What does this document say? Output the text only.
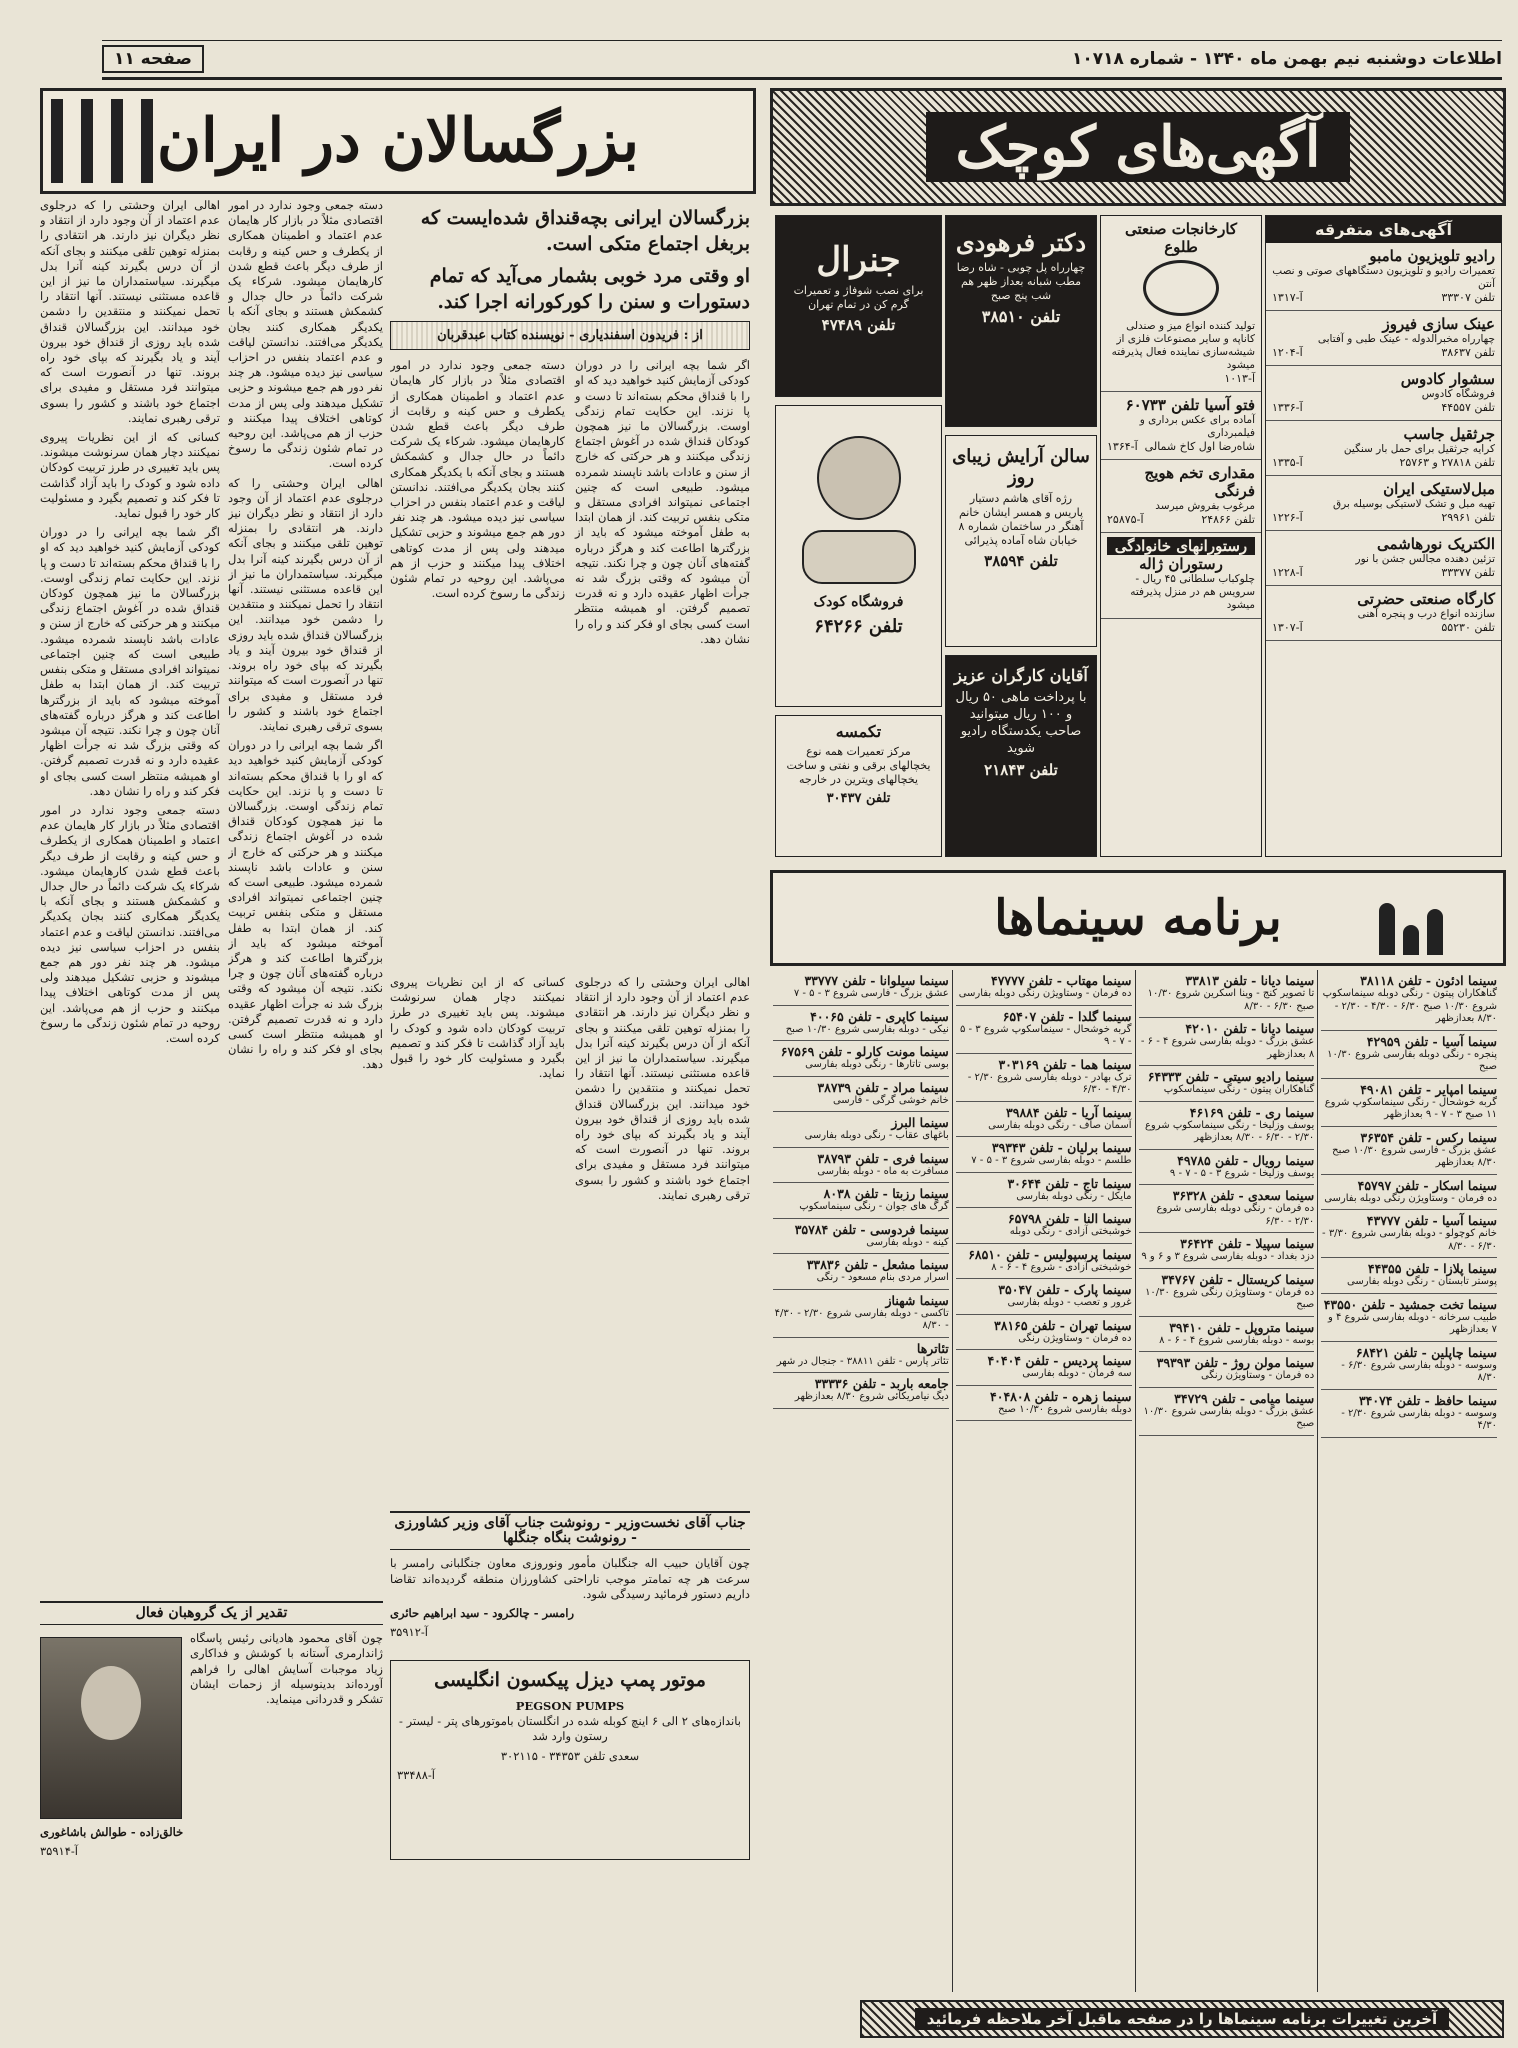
اطلاعات دوشنبه نیم بهمن ماه ۱۳۴۰ - شماره ۱۰۷۱۸
صفحه ۱۱
بزرگسالان در ایران	آگهی‌های کوچک
بزرگسالان ایرانی بچه‌قنداق شده‌ایست که بربغل اجتماع متکی است.
او وقتی مرد خوبی بشمار می‌آید که تمام دستورات و سنن را کورکورانه اجرا کند.
از : فریدون اسفندیاری - نویسنده کتاب عبدقربان

اگر شما بچه ایرانی را در دوران کودکی آزمایش کنید خواهید دید که او را با قنداق محکم بسته‌اند تا دست و پا نزند. این حکایت تمام زندگی اوست. بزرگسالان ما نیز همچون کودکان قنداق شده در آغوش اجتماع زندگی میکنند و هر حرکتی که خارج از سنن و عادات باشد ناپسند شمرده میشود. طبیعی است که چنین اجتماعی نمیتواند افرادی مستقل و متکی بنفس تربیت کند. از همان ابتدا به طفل آموخته میشود که باید از بزرگترها اطاعت کند و هرگز درباره گفته‌های آنان چون و چرا نکند. نتیجه آن میشود که وقتی بزرگ شد نه جرأت اظهار عقیده دارد و نه قدرت تصمیم گرفتن. او همیشه منتظر است کسی بجای او فکر کند و راه را نشان دهد.

دسته جمعی وجود ندارد در امور اقتصادی مثلاً در بازار کار هایمان عدم اعتماد و اطمینان همکاری از یکطرف و حس کینه و رقابت از طرف دیگر باعث قطع شدن کارهایمان میشود. شرکاء یک شرکت دائماً در حال جدال و کشمکش هستند و بجای آنکه با یکدیگر همکاری کنند بجان یکدیگر می‌افتند. ندانستن لیاقت و عدم اعتماد بنفس در احزاب سیاسی نیز دیده میشود. هر چند نفر دور هم جمع میشوند و حزبی تشکیل میدهند ولی پس از مدت کوتاهی اختلاف پیدا میکنند و حزب از هم می‌پاشد. این روحیه در تمام شئون زندگی ما رسوخ کرده است.

اهالی ایران وحشتی را که درجلوی عدم اعتماد از آن وجود دارد از انتقاد و نظر دیگران نیز دارند. هر انتقادی را بمنزله توهین تلقی میکنند و بجای آنکه از آن درس بگیرند کینه آنرا بدل میگیرند. سیاستمداران ما نیز از این قاعده مستثنی نیستند. آنها انتقاد را تحمل نمیکنند و منتقدین را دشمن خود میدانند. این بزرگسالان قنداق شده باید روزی از قنداق خود بیرون آیند و یاد بگیرند که بپای خود راه بروند. تنها در آنصورت است که میتوانند فرد مستقل و مفیدی برای اجتماع خود باشند و کشور را بسوی ترقی رهبری نمایند.

کسانی که از این نظریات پیروی نمیکنند دچار همان سرنوشت میشوند. پس باید تغییری در طرز تربیت کودکان داده شود و کودک را باید آزاد گذاشت تا فکر کند و تصمیم بگیرد و مسئولیت کار خود را قبول نماید.

اگر شما بچه ایرانی را در دوران کودکی آزمایش کنید خواهید دید که او را با قنداق محکم بسته‌اند تا دست و پا نزند. این حکایت تمام زندگی اوست. بزرگسالان ما نیز همچون کودکان قنداق شده در آغوش اجتماع زندگی میکنند و هر حرکتی که خارج از سنن و عادات باشد ناپسند شمرده میشود. طبیعی است که چنین اجتماعی نمیتواند افرادی مستقل و متکی بنفس تربیت کند. از همان ابتدا به طفل آموخته میشود که باید از بزرگترها اطاعت کند و هرگز درباره گفته‌های آنان چون و چرا نکند. نتیجه آن میشود که وقتی بزرگ شد نه جرأت اظهار عقیده دارد و نه قدرت تصمیم گرفتن. او همیشه منتظر است کسی بجای او فکر کند و راه را نشان دهد.

دسته جمعی وجود ندارد در امور اقتصادی مثلاً در بازار کار هایمان عدم اعتماد و اطمینان همکاری از یکطرف و حس کینه و رقابت از طرف دیگر باعث قطع شدن کارهایمان میشود. شرکاء یک شرکت دائماً در حال جدال و کشمکش هستند و بجای آنکه با یکدیگر همکاری کنند بجان یکدیگر می‌افتند. ندانستن لیاقت و عدم اعتماد بنفس در احزاب سیاسی نیز دیده میشود. هر چند نفر دور هم جمع میشوند و حزبی تشکیل میدهند ولی پس از مدت کوتاهی اختلاف پیدا میکنند و حزب از هم می‌پاشد. این روحیه در تمام شئون زندگی ما رسوخ کرده است.

دسته جمعی وجود ندارد در امور اقتصادی مثلاً در بازار کار هایمان عدم اعتماد و اطمینان همکاری از یکطرف و حس کینه و رقابت از طرف دیگر باعث قطع شدن کارهایمان میشود. شرکاء یک شرکت دائماً در حال جدال و کشمکش هستند و بجای آنکه با یکدیگر همکاری کنند بجان یکدیگر می‌افتند. ندانستن لیاقت و عدم اعتماد بنفس در احزاب سیاسی نیز دیده میشود. هر چند نفر دور هم جمع میشوند و حزبی تشکیل میدهند ولی پس از مدت کوتاهی اختلاف پیدا میکنند و حزب از هم می‌پاشد. این روحیه در تمام شئون زندگی ما رسوخ کرده است.

اهالی ایران وحشتی را که درجلوی عدم اعتماد از آن وجود دارد از انتقاد و نظر دیگران نیز دارند. هر انتقادی را بمنزله توهین تلقی میکنند و بجای آنکه از آن درس بگیرند کینه آنرا بدل میگیرند. سیاستمداران ما نیز از این قاعده مستثنی نیستند. آنها انتقاد را تحمل نمیکنند و منتقدین را دشمن خود میدانند. این بزرگسالان قنداق شده باید روزی از قنداق خود بیرون آیند و یاد بگیرند که بپای خود راه بروند. تنها در آنصورت است که میتوانند فرد مستقل و مفیدی برای اجتماع خود باشند و کشور را بسوی ترقی رهبری نمایند.

اگر شما بچه ایرانی را در دوران کودکی آزمایش کنید خواهید دید که او را با قنداق محکم بسته‌اند تا دست و پا نزند. این حکایت تمام زندگی اوست. بزرگسالان ما نیز همچون کودکان قنداق شده در آغوش اجتماع زندگی میکنند و هر حرکتی که خارج از سنن و عادات باشد ناپسند شمرده میشود. طبیعی است که چنین اجتماعی نمیتواند افرادی مستقل و متکی بنفس تربیت کند. از همان ابتدا به طفل آموخته میشود که باید از بزرگترها اطاعت کند و هرگز درباره گفته‌های آنان چون و چرا نکند. نتیجه آن میشود که وقتی بزرگ شد نه جرأت اظهار عقیده دارد و نه قدرت تصمیم گرفتن. او همیشه منتظر است کسی بجای او فکر کند و راه را نشان دهد.

اهالی ایران وحشتی را که درجلوی عدم اعتماد از آن وجود دارد از انتقاد و نظر دیگران نیز دارند. هر انتقادی را بمنزله توهین تلقی میکنند و بجای آنکه از آن درس بگیرند کینه آنرا بدل میگیرند. سیاستمداران ما نیز از این قاعده مستثنی نیستند. آنها انتقاد را تحمل نمیکنند و منتقدین را دشمن خود میدانند. این بزرگسالان قنداق شده باید روزی از قنداق خود بیرون آیند و یاد بگیرند که بپای خود راه بروند. تنها در آنصورت است که میتوانند فرد مستقل و مفیدی برای اجتماع خود باشند و کشور را بسوی ترقی رهبری نمایند.

کسانی که از این نظریات پیروی نمیکنند دچار همان سرنوشت میشوند. پس باید تغییری در طرز تربیت کودکان داده شود و کودک را باید آزاد گذاشت تا فکر کند و تصمیم بگیرد و مسئولیت کار خود را قبول نماید.

جناب آقای نخست‌وزیر - رونوشت جناب آقای وزیر کشاورزی - رونوشت بنگاه جنگلها

چون آقایان حبیب اله جنگلبان مأمور ونوروزی معاون جنگلبانی رامسر با سرعت هر چه تمامتر موجب ناراحتی کشاورزان منطقه گردیده‌اند تقاضا داریم دستور فرمائید رسیدگی شود.

رامسر - چالکرود - سید ابراهیم حائری

آ-۳۵۹۱۲

موتور پمپ دیزل پیکسون انگلیسی
PEGSON PUMPS

باندازه‌های ۲ الی ۶ اینچ کوبله شده در انگلستان باموتورهای پتر - لیستر - رستون وارد شد

سعدی تلفن ۳۴۳۵۳ - ۳۰۲۱۱۵

آ-۳۳۴۸۸

تقدیر از یک گروهبان فعال

چون آقای محمود هادیانی رئیس پاسگاه ژاندارمری آستانه با کوشش و فداکاری زیاد موجبات آسایش اهالی را فراهم آورده‌اند بدینوسیله از زحمات ایشان تشکر و قدردانی مینماید.

خالق‌زاده - طوالش باشاغوری

آ-۳۵۹۱۴

آگهی‌های متفرقه
رادیو تلویزیون مامبو
تعمیرات رادیو و تلویزیون دستگاههای صوتی و نصب آنتن
تلفن ۳۳۳۰۷
آ-۱۳۱۷
عینک سازی فیروز
چهارراه مخبرالدوله - عینک طبی و آفتابی
تلفن ۳۸۶۳۷
آ-۱۲۰۴
سشوار کادوس
فروشگاه کادوس
تلفن ۴۴۵۵۷
آ-۱۳۳۶
جرثقیل جاسب
کرایه جرثقیل برای حمل بار سنگین
تلفن ۲۷۸۱۸ و ۲۵۷۶۳
آ-۱۳۳۵
مبل‌لاستیکی ایران
تهیه مبل و تشک لاستیکی بوسیله برق
تلفن ۲۹۹۶۱
آ-۱۲۲۶
الکتریک نورهاشمی
تزئین دهنده مجالس جشن با نور
تلفن ۳۳۳۷۷
آ-۱۲۲۸
کارگاه صنعتی حضرتی
سازنده انواع درب و پنجره آهنی
تلفن ۵۵۲۳۰
آ-۱۳۰۷
کارخانجات صنعتی طلوع
تولید کننده انواع میز و صندلی کاناپه و سایر مصنوعات فلزی از شیشه‌سازی نماینده فعال پذیرفته میشود
آ-۱۰۱۳
فتو آسیا تلفن ۶۰۷۳۳
آماده برای عکس برداری و فیلمبرداری
شاه‌رضا اول کاخ شمالی
آ-۱۳۶۴
مقداری تخم هویج فرنگی
مرغوب بفروش میرسد
تلفن ۲۴۸۶۶
آ-۲۵۸۷۵
رستورانهای خانوادگی
رستوران ژاله
چلوکباب سلطانی ۴۵ ریال - سرویس هم در منزل پذیرفته میشود
دکتر فرهودی
چهارراه پل چوبی - شاه رضا مطب شبانه بعداز ظهر هم شب پنج صبح
تلفن ۳۸۵۱۰
سالن آرایش زیبای روز
رژه آقای هاشم دستیار پاریس و همسر ایشان خانم آهنگر در ساختمان شماره ۸ خیابان شاه آماده پذیرائی
تلفن ۳۸۵۹۴
آقایان کارگران عزیز
با پرداخت ماهی ۵۰ ریال و ۱۰۰ ریال میتوانید صاحب یکدستگاه رادیو شوید
تلفن ۲۱۸۴۳
جنرال
برای نصب شوفاژ و تعمیرات گرم کن در تمام تهران
تلفن ۴۷۴۸۹
فروشگاه کودک
تلفن ۶۴۲۶۶
تکمسه
مرکز تعمیرات همه نوع یخچالهای برقی و نفتی و ساخت یخچالهای ویترین در خارجه
تلفن ۳۰۴۳۷
برنامه سینماها
سینما ادئون - تلفن ۳۸۱۱۸
گناهکاران پیتون - رنگی دوبله سینماسکوپ شروع ۱۰/۳۰ صبح ۶/۳۰ - ۴/۳۰ - ۲/۳۰ - ۸/۳۰ بعدازظهر
سینما آسیا - تلفن ۴۲۹۵۹
پنجره - رنگی دوبله بفارسی شروع ۱۰/۳۰ صبح
سینما امپایر - تلفن ۴۹۰۸۱
گربه خوشحال - رنگی سینماسکوپ شروع ۱۱ صبح ۳ - ۷ - ۹ بعدازظهر
سینما رکس - تلفن ۳۶۳۵۴
عشق بزرگ - فارسی شروع ۱۰/۳۰ صبح ۸/۳۰ بعدازظهر
سینما اسکار - تلفن ۴۵۷۹۷
ده فرمان - وستاویژن رنگی دوبله بفارسی
سینما آسیا - تلفن ۴۳۷۷۷
خانم کوچولو - دوبله بفارسی شروع ۳/۳۰ - ۶/۳۰ - ۸/۳۰
سینما پلازا - تلفن ۴۴۳۵۵
پوستر تابستان - رنگی دوبله بفارسی
سینما تخت جمشید - تلفن ۴۳۵۵۰
طبیب ‌سرخانه - دوبله بفارسی شروع ۴ و ۷ بعدازظهر
سینما چاپلین - تلفن ۶۸۴۲۱
وسوسه - دوبله بفارسی شروع ۶/۳۰ - ۸/۳۰
سینما حافظ - تلفن ۳۴۰۷۴
وسوسه - دوبله بفارسی شروع ۲/۳۰ - ۴/۳۰
سینما دیانا - تلفن ۳۳۸۱۳
تا تصویر کنج - وینا اسکرین شروع ۱۰/۳۰ صبح ۶/۳۰ - ۸/۳۰
سینما دیانا - تلفن ۴۲۰۱۰
عشق بزرگ - دوبله بفارسی شروع ۴ - ۶ - ۸ بعدازظهر
سینما رادیو سیتی - تلفن ۶۴۳۳۳
گناهکاران پیتون - رنگی سینماسکوپ
سینما ری - تلفن ۴۶۱۶۹
یوسف وزلیخا - رنگی سینماسکوپ شروع ۲/۳۰ - ۶/۳۰ - ۸/۳۰ بعدازظهر
سینما رویال - تلفن ۴۹۷۸۵
یوسف وزلیخا - شروع ۳ - ۵ - ۷ - ۹
سینما سعدی - تلفن ۳۶۳۲۸
ده فرمان - رنگی دوبله بفارسی شروع ۲/۳۰ - ۶/۳۰
سینما سپیلا - تلفن ۳۶۴۲۴
دزد بغداد - دوبله بفارسی شروع ۳ و ۶ و ۹
سینما کریستال - تلفن ۳۴۷۶۷
ده فرمان - وستاویژن رنگی شروع ۱۰/۳۰ صبح
سینما متروپل - تلفن ۳۹۴۱۰
بوسه - دوبله بفارسی شروع ۴ - ۶ - ۸
سینما مولن روژ - تلفن ۳۹۳۹۳
ده فرمان - وستاویژن رنگی
سینما میامی - تلفن ۳۴۷۲۹
عشق بزرگ - دوبله بفارسی شروع ۱۰/۳۰ صبح
سینما مهتاب - تلفن ۴۷۷۷۷
ده فرمان - وستاویژن رنگی دوبله بفارسی
سینما گلدا - تلفن ۶۵۴۰۷
گربه خوشحال - سینماسکوپ شروع ۳ - ۵ - ۷ - ۹
سینما هما - تلفن ۳۰۳۱۶۹
ترک بهادر - دوبله بفارسی شروع ۲/۳۰ - ۴/۳۰ - ۶/۳۰
سینما آریا - تلفن ۳۹۸۸۴
آسمان صاف - رنگی دوبله بفارسی
سینما برلیان - تلفن ۳۹۳۴۳
طلسم - دوبله بفارسی شروع ۳ - ۵ - ۷
سینما تاج - تلفن ۳۰۶۴۴
مایکل - رنگی دوبله بفارسی
سینما النا - تلفن ۶۵۷۹۸
خوشبختی آزادی - رنگی دوبله
سینما پرسپولیس - تلفن ۶۸۵۱۰
خوشبختی آزادی - شروع ۴ - ۶ - ۸
سینما پارک - تلفن ۳۵۰۴۷
غرور و تعصب - دوبله بفارسی
سینما تهران - تلفن ۳۸۱۶۵
ده فرمان - وستاویژن رنگی
سینما پردیس - تلفن ۴۰۴۰۴
سه فرمان - دوبله بفارسی
سینما زهره - تلفن ۴۰۴۸۰۸
دوبله بفارسی شروع ۱۰/۳۰ صبح
سینما سیلوانا - تلفن ۳۳۷۷۷
عشق بزرگ - فارسی شروع ۳ - ۵ - ۷
سینما کاپری - تلفن ۴۰۰۶۵
نیکی - دوبله بفارسی شروع ۱۰/۳۰ صبح
سینما مونت کارلو - تلفن ۶۷۵۶۹
بوسی تاتارها - رنگی دوبله بفارسی
سینما مراد - تلفن ۳۸۷۳۹
خانم خوشی گرگی - فارسی
سینما البرز
باغهای عقاب - رنگی دوبله بفارسی
سینما فری - تلفن ۳۸۷۹۳
مسافرت به ماه - دوبله بفارسی
سینما رزبتا - تلفن ۸۰۳۸
گرگ های جوان - رنگی سینماسکوپ
سینما فردوسی - تلفن ۳۵۷۸۴
کینه - دوبله بفارسی
سینما مشعل - تلفن ۳۳۸۳۶
اسرار مردی بنام مسعود - رنگی
سینما شهناز
تاکسی - دوبله بفارسی شروع ۲/۳۰ - ۴/۳۰ - ۸/۳۰
تئاترها
تئاتر پارس - تلفن ۳۸۸۱۱ - جنجال در شهر
جامعه باربد - تلفن ۳۳۳۳۶
دیگ نیامریکائی شروع ۸/۳۰ بعدازظهر
آخرین تغییرات برنامه سینماها را در صفحه ماقبل آخر ملاحظه فرمائید
